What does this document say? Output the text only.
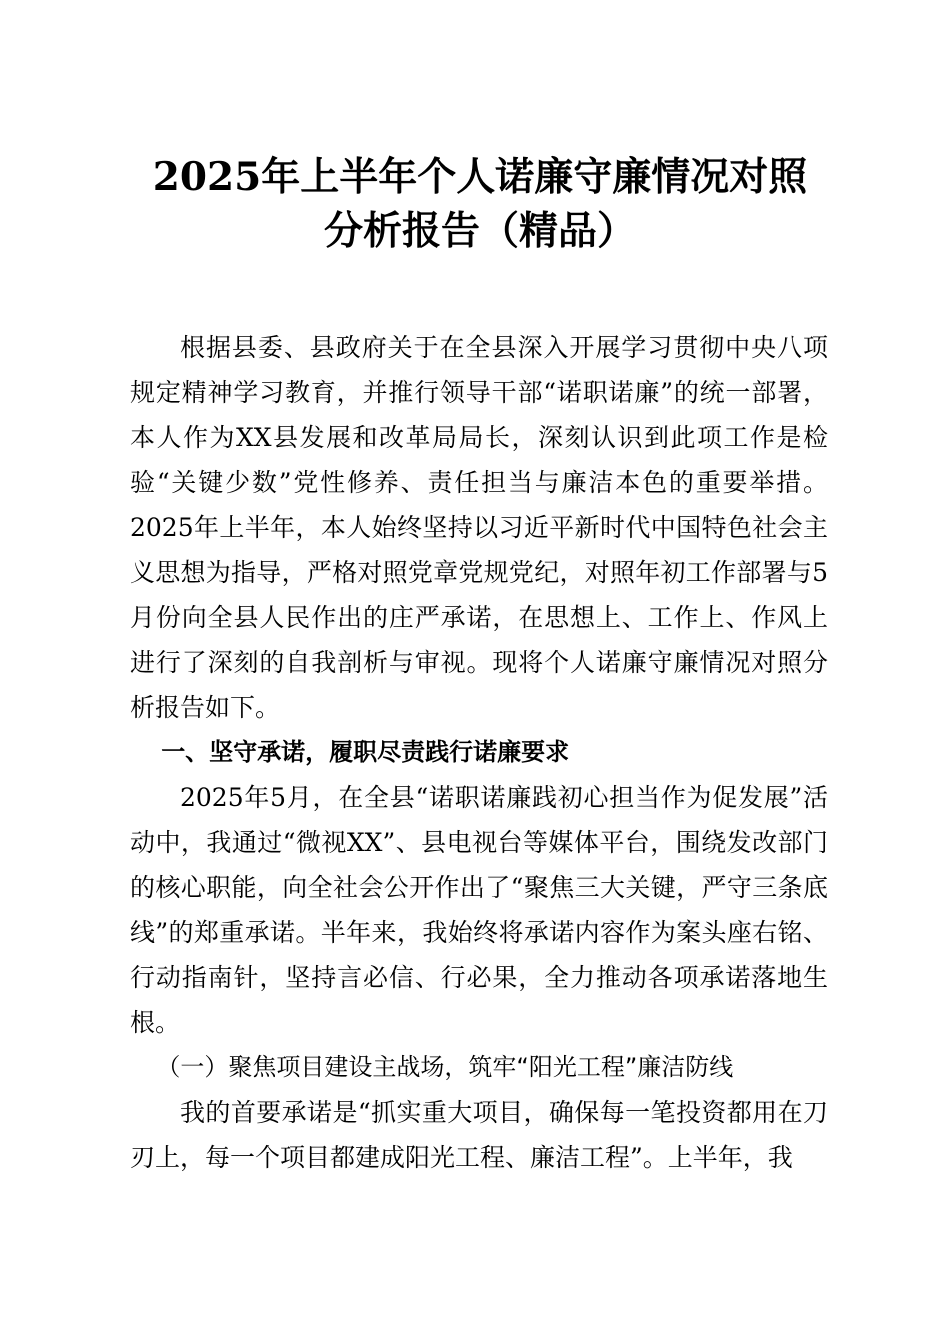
2025年上半年个人诺廉守廉情况对照
分析报告（精品）

根据县委、县政府关于在全县深入开展学习贯彻中央八项规定精神学习教育，并推行领导干部“诺职诺廉”的统一部署，本人作为XX县发展和改革局局长，深刻认识到此项工作是检验“关键少数”党性修养、责任担当与廉洁本色的重要举措。2025年上半年，本人始终坚持以习近平新时代中国特色社会主义思想为指导，严格对照党章党规党纪，对照年初工作部署与5月份向全县人民作出的庄严承诺，在思想上、工作上、作风上进行了深刻的自我剖析与审视。现将个人诺廉守廉情况对照分析报告如下。

一、坚守承诺，履职尽责践行诺廉要求

2025年5月，在全县“诺职诺廉践初心担当作为促发展”活动中，我通过“微视XX”、县电视台等媒体平台，围绕发改部门的核心职能，向全社会公开作出了“聚焦三大关键，严守三条底线”的郑重承诺。半年来，我始终将承诺内容作为案头座右铭、行动指南针，坚持言必信、行必果，全力推动各项承诺落地生根。

（一）聚焦项目建设主战场，筑牢“阳光工程”廉洁防线

我的首要承诺是“抓实重大项目，确保每一笔投资都用在刀刃上，每一个项目都建成阳光工程、廉洁工程”。上半年，我
